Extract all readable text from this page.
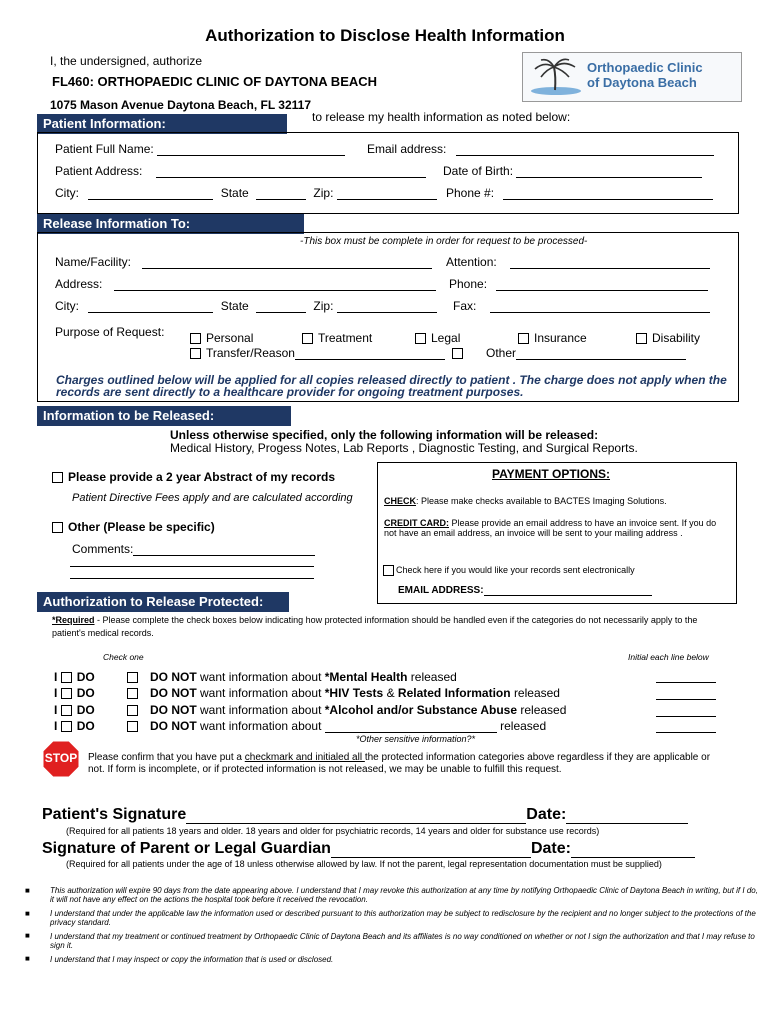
Authorization to Disclose Health Information
I, the undersigned, authorize
FL460: ORTHOPAEDIC CLINIC OF DAYTONA BEACH
1075 Mason Avenue Daytona Beach, FL 32117
to release my health information as noted below:
Orthopaedic Clinic
of Daytona Beach
Patient Information:
Patient Full Name:	Email address:
Patient Address:	Date of Birth:
City:	State	Zip:	Phone #:
Release Information To:
-This box must be complete in order for request to be processed-
Name/Facility:	Attention:
Address:	Phone:
City:	State	Zip:	Fax:
Purpose of Request:	Personal	Treatment	Legal	Insurance	Disability
Transfer/Reason	Other
Charges outlined below will be applied for all copies released directly to patient . The charge does not apply when the records are sent directly to a healthcare provider for ongoing treatment purposes.
Information to be Released:
Unless otherwise specified, only the following information will be released:
Medical History, Progess Notes, Lab Reports , Diagnostic Testing, and Surgical Reports.
Please provide a 2 year Abstract of my records
Patient Directive Fees apply and are calculated according
Other (Please be specific)
Comments:
PAYMENT OPTIONS:
CHECK: Please make checks available to BACTES Imaging Solutions.
CREDIT CARD: Please provide an email address to have an invoice sent. If you do not have an email address, an invoice will be sent to your mailing address .
Check here if you would like your records sent electronically
EMAIL ADDRESS:
Authorization to Release Protected:
*Required - Please complete the check boxes below indicating how protected information should be handled even if the categories do not necessarily apply to the patient's medical records.
Check one	Initial each line below
I DO	DO NOT want information about *Mental Health released
I DO	DO NOT want information about *HIV Tests & Related Information released
I DO	DO NOT want information about *Alcohol and/or Substance Abuse released
I DO	DO NOT want information about	released
*Other sensitive information?*
STOP Please confirm that you have put a checkmark and initialed all the protected information categories above regardless if they are applicable or not. If form is incomplete, or if protected information is not released, we may be unable to fulfill this request.
Patient's Signature	Date:
(Required for all patients 18 years and older. 18 years and older for psychiatric records, 14 years and older for substance use records)
Signature of Parent or Legal Guardian	Date:
(Required for all patients under the age of 18 unless otherwise allowed by law. If not the parent, legal representation documentation must be supplied)
■	This authorization will expire 90 days from the date appearing above. I understand that I may revoke this authorization at any time by notifying Orthopaedic Clinic of Daytona Beach in writing, but if I do, it will not have any effect on the actions the hospital took before it received the revocation.
■	I understand that under the applicable law the information used or described pursuant to this authorization may be subject to redisclosure by the recipient and no longer subject to the protections of the privacy standard.
■	I understand that my treatment or continued treatment by Orthopaedic Clinic of Daytona Beach and its affiliates is no way conditioned on whether or not I sign the authorization and that I may refuse to sign it.
■	I understand that I may inspect or copy the information that is used or disclosed.
